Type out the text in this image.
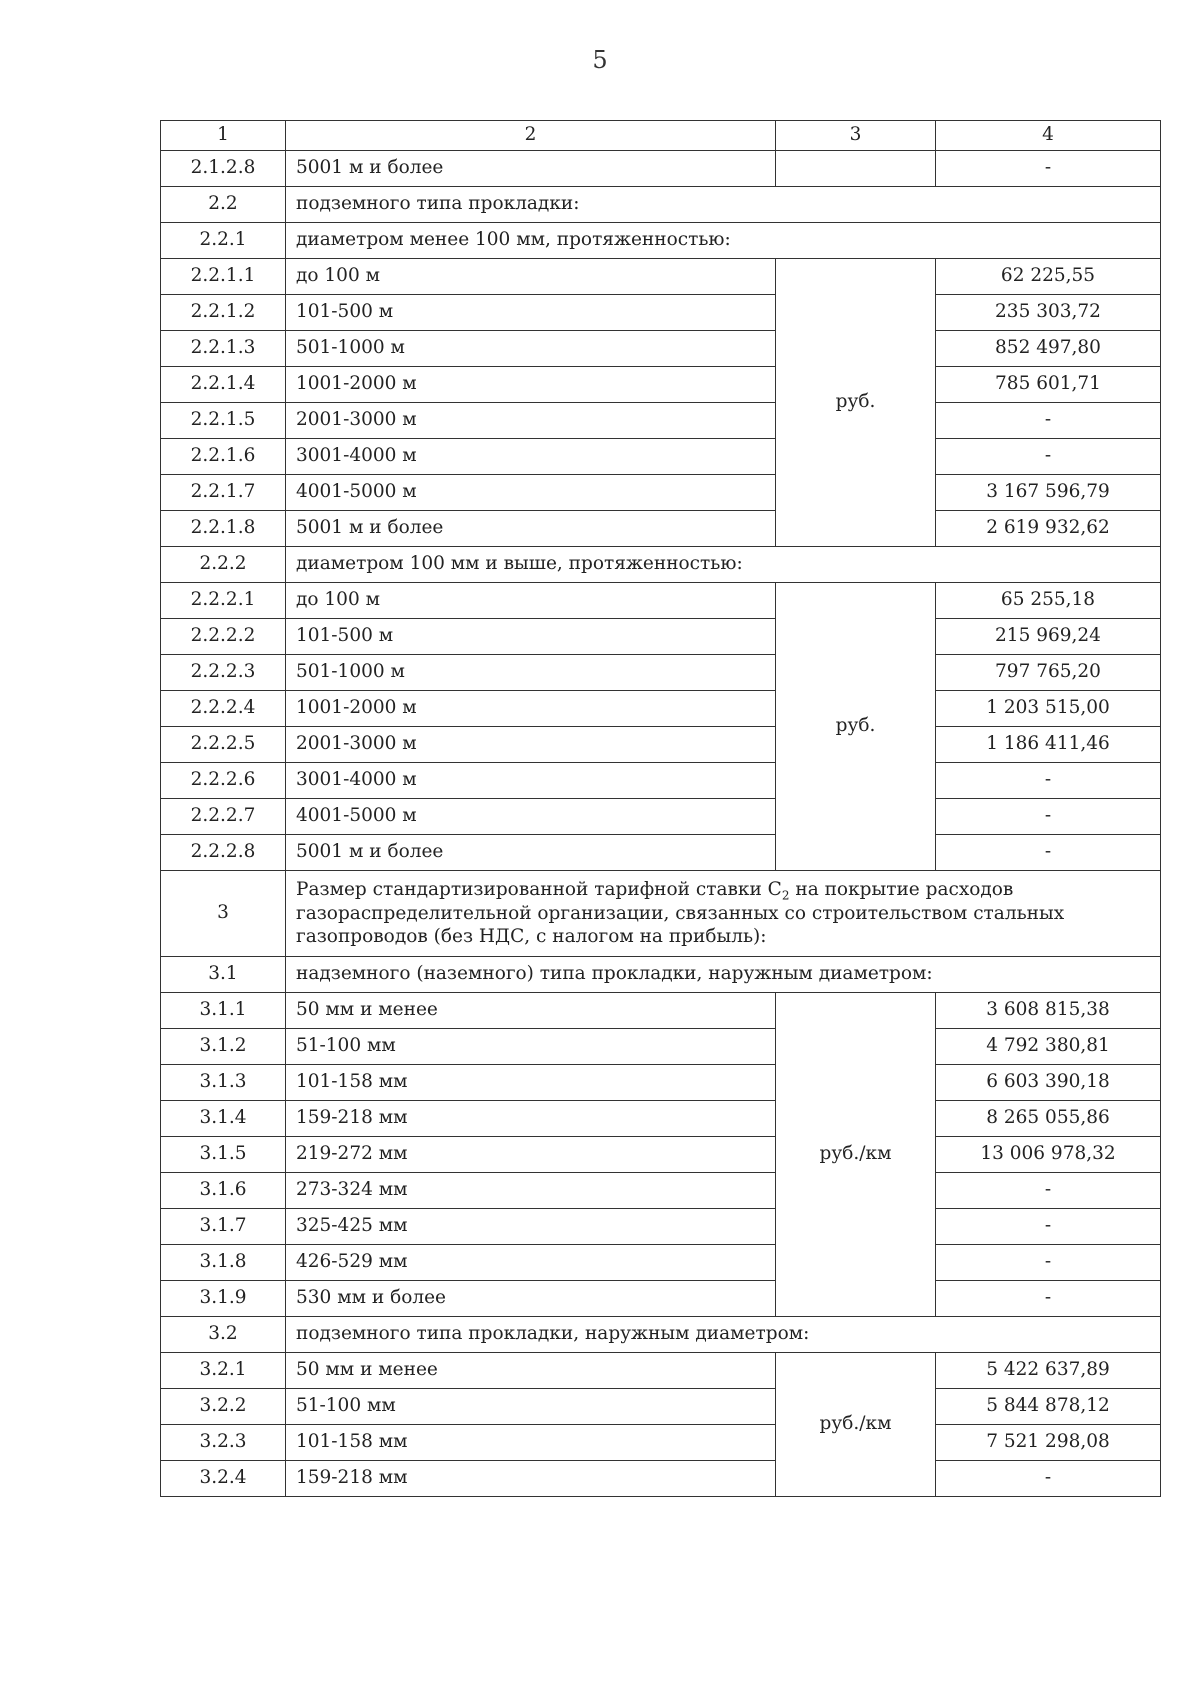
5
1	2	3	4
2.1.2.8	5001 м и более		-
2.2	подземного типа прокладки:		
2.2.1	диаметром менее 100 мм, протяженностью:		
2.2.1.1	до 100 м	руб.	62 225,55
2.2.1.2	101-500 м		235 303,72
2.2.1.3	501-1000 м		852 497,80
2.2.1.4	1001-2000 м		785 601,71
2.2.1.5	2001-3000 м		-
2.2.1.6	3001-4000 м		-
2.2.1.7	4001-5000 м		3 167 596,79
2.2.1.8	5001 м и более		2 619 932,62
2.2.2	диаметром 100 мм и выше, протяженностью:		
2.2.2.1	до 100 м	руб.	65 255,18
2.2.2.2	101-500 м		215 969,24
2.2.2.3	501-1000 м		797 765,20
2.2.2.4	1001-2000 м		1 203 515,00
2.2.2.5	2001-3000 м		1 186 411,46
2.2.2.6	3001-4000 м		-
2.2.2.7	4001-5000 м		-
2.2.2.8	5001 м и более		-
3	Размер стандартизированной тарифной ставки $С_2$ на покрытие расходов газораспределительной организации, связанных со строительством стальных газопроводов (без НДС, с налогом на прибыль):		
3.1	надземного (наземного) типа прокладки, наружным диаметром:		
3.1.1	50 мм и менее	руб./км	3 608 815,38
3.1.2	51-100 мм		4 792 380,81
3.1.3	101-158 мм		6 603 390,18
3.1.4	159-218 мм		8 265 055,86
3.1.5	219-272 мм		13 006 978,32
3.1.6	273-324 мм		-
3.1.7	325-425 мм		-
3.1.8	426-529 мм		-
3.1.9	530 мм и более		-
3.2	подземного типа прокладки, наружным диаметром:		
3.2.1	50 мм и менее	руб./км	5 422 637,89
3.2.2	51-100 мм		5 844 878,12
3.2.3	101-158 мм		7 521 298,08
3.2.4	159-218 мм		-
